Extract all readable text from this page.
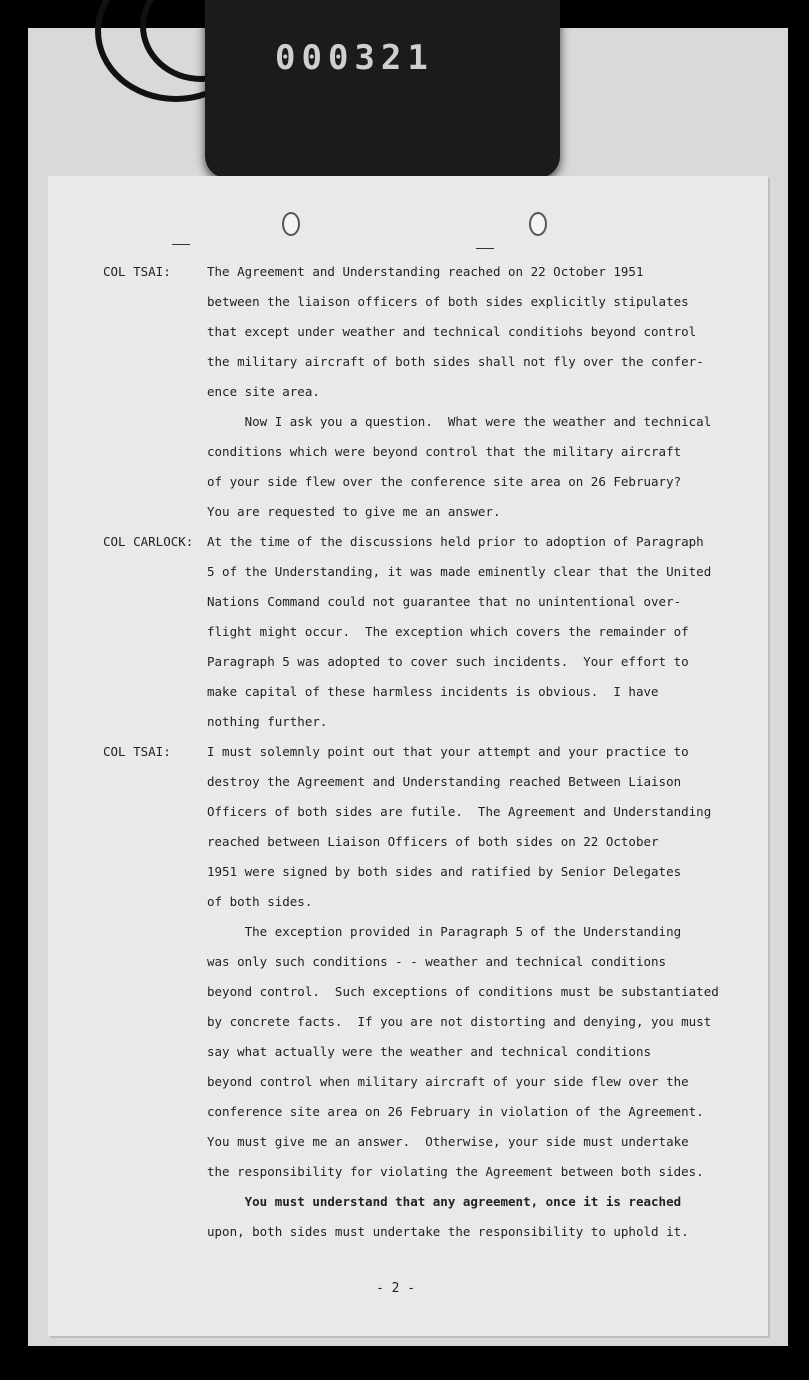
000321
COL TSAI:	The Agreement and Understanding reached on 22 October 1951
between the liaison officers of both sides explicitly stipulates
that except under weather and technical conditiohs beyond control
the military aircraft of both sides shall not fly over the confer-
ence site area.
Now I ask you a question.  What were the weather and technical
conditions which were beyond control that the military aircraft
of your side flew over the conference site area on 26 February?
You are requested to give me an answer.
COL CARLOCK: At the time of the discussions held prior to adoption of Paragraph
5 of the Understanding, it was made eminently clear that the United
Nations Command could not guarantee that no unintentional over-
flight might occur.  The exception which covers the remainder of
Paragraph 5 was adopted to cover such incidents.  Your effort to
make capital of these harmless incidents is obvious.  I have
nothing further.
COL TSAI:	I must solemnly point out that your attempt and your practice to
destroy the Agreement and Understanding reached Between Liaison
Officers of both sides are futile.  The Agreement and Understanding
reached between Liaison Officers of both sides on 22 October
1951 were signed by both sides and ratified by Senior Delegates
of both sides.
The exception provided in Paragraph 5 of the Understanding
was only such conditions - - weather and technical conditions
beyond control.  Such exceptions of conditions must be substantiated
by concrete facts.  If you are not distorting and denying, you must
say what actually were the weather and technical conditions
beyond control when military aircraft of your side flew over the
conference site area on 26 February in violation of the Agreement.
You must give me an answer.  Otherwise, your side must undertake
the responsibility for violating the Agreement between both sides.
You must understand that any agreement, once it is reached
upon, both sides must undertake the responsibility to uphold it.
- 2 -
